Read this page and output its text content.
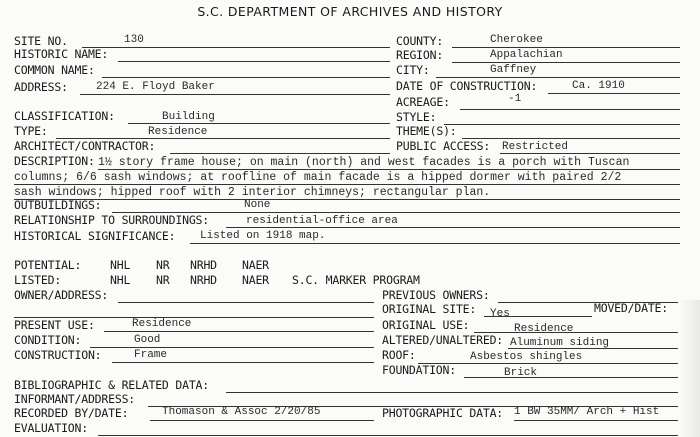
S.C. DEPARTMENT OF ARCHIVES AND HISTORY
SITE NO.	130	COUNTY:	Cherokee
HISTORIC NAME:	REGION:	Appalachian
COMMON NAME:	CITY:	Gaffney
ADDRESS:	224 E. Floyd Baker	DATE OF CONSTRUCTION:	Ca. 1910
ACREAGE:	-1
CLASSIFICATION:	Building	STYLE:
TYPE:	Residence	THEME(S):
ARCHITECT/CONTRACTOR:	PUBLIC ACCESS: Restricted
DESCRIPTION: 1½ story frame house; on main (north) and west facades is a porch with Tuscan
columns; 6/6 sash windows; at roofline of main facade is a hipped dormer with paired 2/2
sash windows; hipped roof with 2 interior chimneys; rectangular plan.
OUTBUILDINGS:	None
RELATIONSHIP TO SURROUNDINGS:	residential-office area
HISTORICAL SIGNIFICANCE: Listed on 1918 map.
POTENTIAL:	NHL NR NRHD NAER
LISTED:	NHL NR NRHD NAER S.C. MARKER PROGRAM
OWNER/ADDRESS:	PREVIOUS OWNERS:
ORIGINAL SITE: Yes	MOVED/DATE:
PRESENT USE:	Residence	ORIGINAL USE:	Residence
CONDITION:	Good	ALTERED/UNALTERED: Aluminum siding
CONSTRUCTION:	Frame	ROOF:	Asbestos shingles
FOUNDATION:	Brick
BIBLIOGRAPHIC & RELATED DATA:
INFORMANT/ADDRESS:
RECORDED BY/DATE:	Thomason & Assoc 2/20/85	PHOTOGRAPHIC DATA: 1 BW 35MM/ Arch + Hist
EVALUATION:
